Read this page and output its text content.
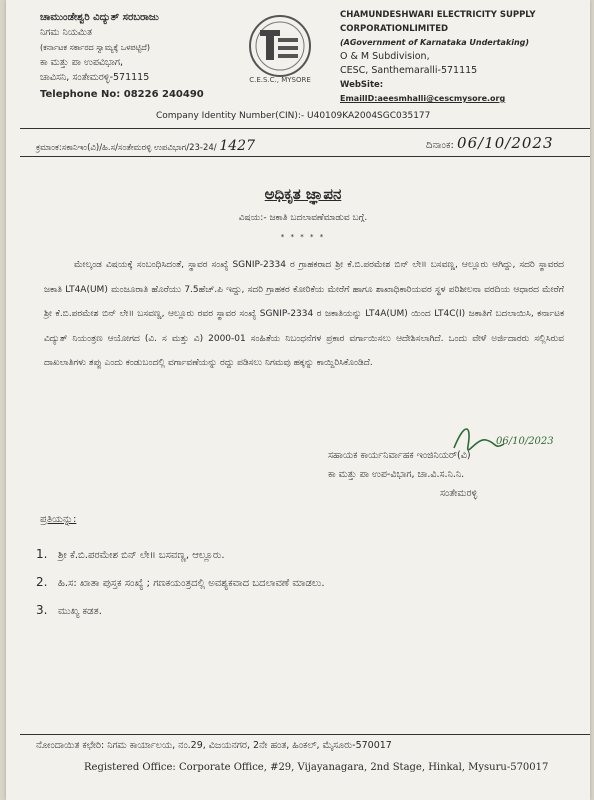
ಚಾಮುಂಡೇಶ್ವರಿ ವಿದ್ಯುತ್ ಸರಬರಾಜು
ನಿಗಮ ನಿಯಮಿತ
(ಕರ್ನಾಟಕ ಸರ್ಕಾರದ ಸ್ವಾಮ್ಯಕ್ಕೆ ಒಳಪಟ್ಟಿದೆ)
ಕಾ ಮತ್ತು ಪಾ ಉಪವಿಭಾಗ,
ಚಾವಿಸನಿ, ಸಂತೇಮರಳ್ಳಿ-571115
Telephone No: 08226 240490
C.E.S.C., MYSORE
CHAMUNDESHWARI ELECTRICITY SUPPLY
CORPORATIONLIMITED
(AGovernment of Karnataka Undertaking)
O & M Subdivision,
CESC, Santhemaralli-571115
WebSite:
EmailID:aeesmhalli@cescmysore.org
Company Identity Number(CIN):- U40109KA2004SGC035177
ಕ್ರಮಾಂಕ:ಸಕಾನಿಇಂ(ವಿ)/ಹಿ.ಸ/ಸಂತೇಮರಳ್ಳಿ ಉಪವಿಭಾಗ/23-24/ 1427	ದಿನಾಂಕ: 06/10/2023
ಅಧಿಕೃತ ಜ್ಞಾಪನ
ವಿಷಯ:- ಜಕಾತಿ ಬದಲಾವಣೆಮಾಡುವ ಬಗ್ಗೆ.
* * * * *
ಮೇಲ್ಕಂಡ ವಿಷಯಕ್ಕೆ ಸಂಬಂಧಿಸಿದಂತೆ, ಸ್ಥಾವರ ಸಂಖ್ಯೆ SGNIP-2334 ರ ಗ್ರಾಹಕರಾದ ಶ್ರೀ ಕೆ.ಬಿ.ಪರಮೇಶ ಬಿನ್ ಲೇ॥ ಬಸವಣ್ಣ, ಆಲ್ಲೂರು ಆಗಿದ್ದು, ಸದರಿ ಸ್ಥಾವರದ ಜಕಾತಿ LT4A(UM) ಮಂಜೂರಾತಿ ಹೊರೆಯು 7.5ಹೆಚ್.ಪಿ ಇದ್ದು, ಸದರಿ ಗ್ರಾಹಕರ ಕೋರಿಕೆಯ ಮೇರೆಗೆ ಹಾಗೂ ಶಾಖಾಧಿಕಾರಿಯವರ ಸ್ಥಳ ಪರಿಶೀಲನಾ ವರದಿಯ ಆಧಾರದ ಮೇರೆಗೆ ಶ್ರೀ ಕೆ.ಬಿ.ಪರಮೇಶ ಬಿನ್ ಲೇ॥ ಬಸವಣ್ಣ, ಆಲ್ಲೂರು ರವರ ಸ್ಥಾವರ ಸಂಖ್ಯೆ SGNIP-2334 ರ ಜಕಾತಿಯನ್ನು LT4A(UM) ಯಿಂದ LT4C(I) ಜಕಾತಿಗೆ ಬದಲಾಯಿಸಿ, ಕರ್ನಾಟಕ ವಿದ್ಯುತ್ ನಿಯಂತ್ರಣ ಆಯೋಗದ (ವಿ. ಸ ಮತ್ತು ವಿ) 2000-01 ಸಂಹಿತೆಯ ನಿಬಂಧನೆಗಳ ಪ್ರಕಾರ ವರ್ಗಾಯಿಸಲು ಆದೇಶಿಸಲಾಗಿದೆ. ಒಂದು ವೇಳೆ ಅರ್ಜಿದಾರರು ಸಲ್ಲಿಸಿರುವ ದಾಖಲಾತಿಗಳು ತಪ್ಪು ಎಂದು ಕಂಡುಬಂದಲ್ಲಿ ವರ್ಗಾವಣೆಯನ್ನು ರದ್ದು ಪಡಿಸಲು ನಿಗಮವು ಹಕ್ಕನ್ನು ಕಾಯ್ದಿರಿಸಿಕೊಂಡಿದೆ.
06/10/2023
ಸಹಾಯಕ ಕಾರ್ಯನಿರ್ವಾಹಕ ಇಂಜಿನಿಯರ್(ವಿ)
ಕಾ ಮತ್ತು ಪಾ ಉಪ-ವಿಭಾಗ, ಚಾ.ವಿ.ಸ.ನಿ.ನಿ.
ಸಂತೇಮರಳ್ಳಿ
ಪ್ರತಿಯನ್ನು:
1. ಶ್ರೀ ಕೆ.ಬಿ.ಪರಮೇಶ ಬಿನ್ ಲೇ॥ ಬಸವಣ್ಣ, ಆಲ್ಲೂರು.
2. ಹಿ.ಸ: ಖಾತಾ ಪುಸ್ತಕ ಸಂಖ್ಯೆ ; ಗಣಕಯಂತ್ರದಲ್ಲಿ ಅವಶ್ಯಕವಾದ ಬದಲಾವಣೆ ಮಾಡಲು.
3. ಮುಖ್ಯ ಕಡತ.
ನೋಂದಾಯಿತ ಕಛೇರಿ: ನಿಗಮ ಕಾರ್ಯಾಲಯ, ನಂ.29, ವಿಜಯನಗರ, 2ನೇ ಹಂತ, ಹಿಂಕಲ್, ಮೈಸೂರು-570017
Registered Office: Corporate Office, #29, Vijayanagara, 2nd Stage, Hinkal, Mysuru-570017
